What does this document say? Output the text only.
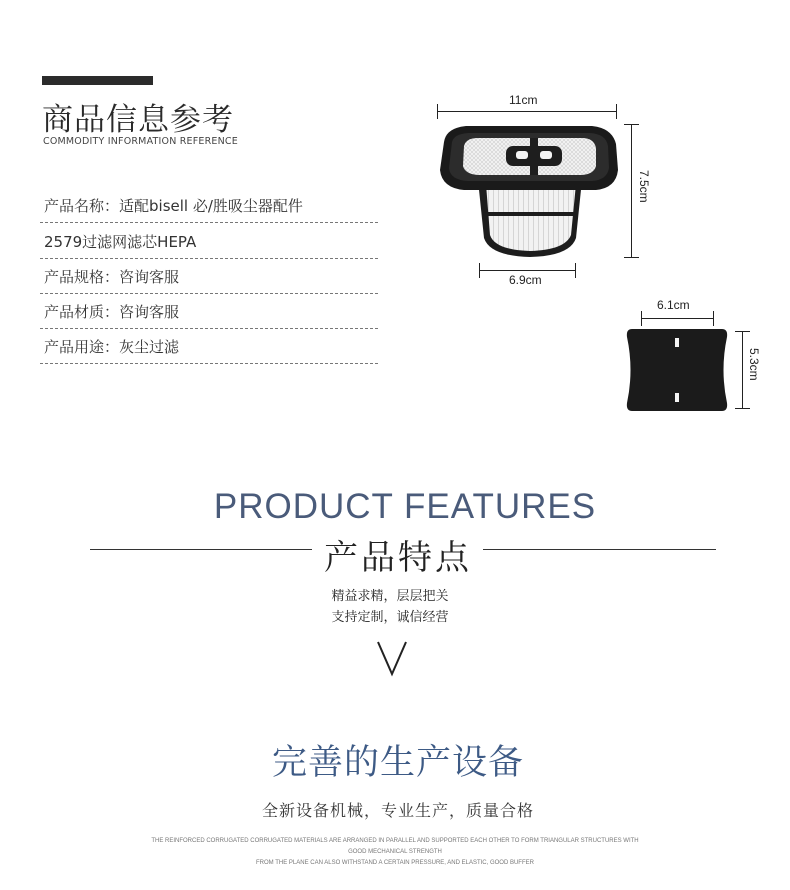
商品信息参考
COMMODITY INFORMATION REFERENCE
产品名称：适配bisell 必/胜吸尘器配件
2579过滤网滤芯HEPA
产品规格：咨询客服
产品材质：咨询客服
产品用途：灰尘过滤
11cm
7.5cm
6.9cm
6.1cm
5.3cm
PRODUCT FEATURES
产品特点
精益求精，层层把关
支持定制，诚信经营
完善的生产设备
全新设备机械，专业生产，质量合格
THE REINFORCED CORRUGATED CORRUGATED MATERIALS ARE ARRANGED IN PARALLEL AND SUPPORTED EACH OTHER TO FORM TRIANGULAR STRUCTURES WITH
GOOD MECHANICAL STRENGTH
FROM THE PLANE CAN ALSO WITHSTAND A CERTAIN PRESSURE, AND ELASTIC, GOOD BUFFER
